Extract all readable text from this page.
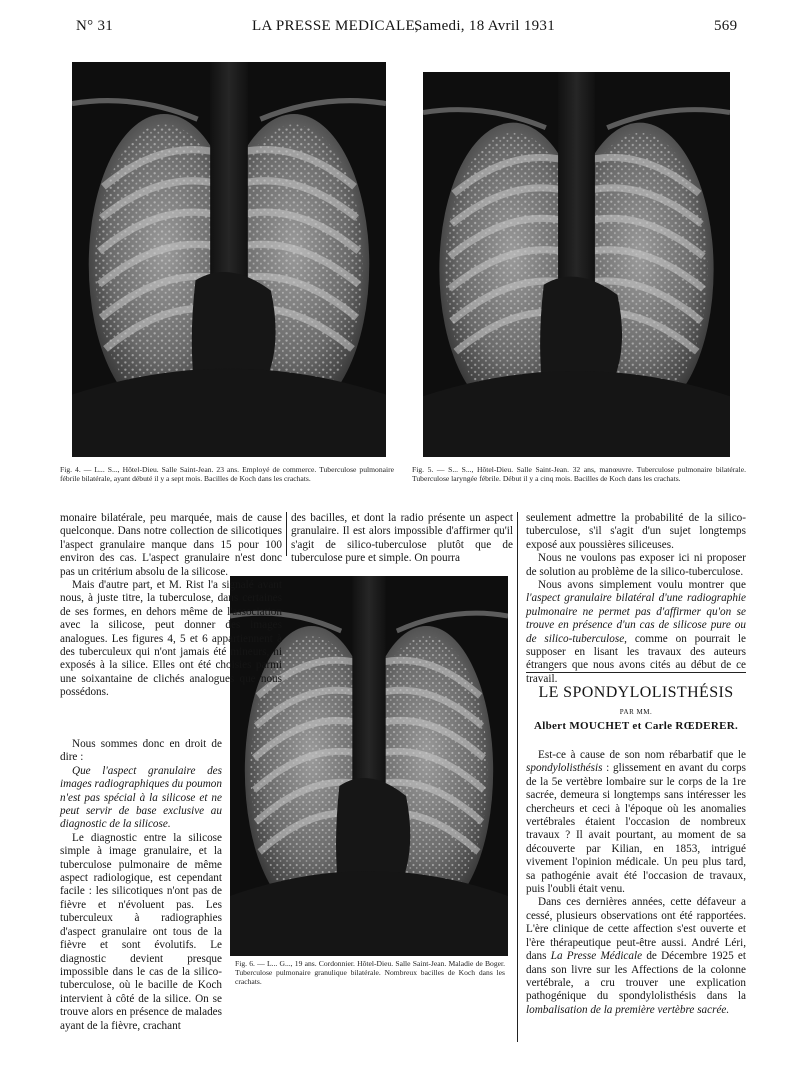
N° 31	LA PRESSE MEDICALE,
Samedi, 18 Avril 1931	569
Fig. 4. — L... S..., Hôtel-Dieu. Salle Saint-Jean. 23 ans. Employé de commerce. Tuberculose pulmonaire fébrile bilatérale, ayant débuté il y a sept mois. Bacilles de Koch dans les crachats.
Fig. 5. — S... S..., Hôtel-Dieu. Salle Saint-Jean. 32 ans, manœuvre. Tuberculose pulmonaire bilatérale. Tuberculose laryngée fébrile. Début il y a cinq mois. Bacilles de Koch dans les crachats.
Fig. 6. — L... G..., 19 ans. Cordonnier. Hôtel-Dieu. Salle Saint-Jean. Maladie de Boger. Tuberculose pulmonaire granulique bilatérale. Nombreux bacilles de Koch dans les crachats.

monaire bilatérale, peu marquée, mais de cause quelconque. Dans notre collection de silicotiques l'aspect granulaire manque dans 15 pour 100 environ des cas. L'aspect granulaire n'est donc pas un critérium absolu de la silicose.

Mais d'autre part, et M. Rist l'a signalé avant nous, à juste titre, la tuberculose, dans certaines de ses formes, en dehors même de l'association avec la silicose, peut donner des images analogues. Les figures 4, 5 et 6 appartiennent à des tuberculeux qui n'ont jamais été mineurs, ni exposés à la silice. Elles ont été choisies parmi une soixantaine de clichés analogues que nous possédons.

Nous sommes donc en droit de dire :

Que l'aspect granulaire des images radiographiques du poumon n'est pas spécial à la silicose et ne peut servir de base exclusive au diagnostic de la silicose.

Le diagnostic entre la silicose simple à image granulaire, et la tuberculose pulmonaire de même aspect radiologique, est cependant facile : les silicotiques n'ont pas de fièvre et n'évoluent pas. Les tuberculeux à radiographies d'aspect granulaire ont tous de la fièvre et sont évolutifs. Le diagnostic devient presque impossible dans le cas de la silico-tuberculose, où le bacille de Koch intervient à côté de la silice. On se trouve alors en présence de malades ayant de la fièvre, crachant

des bacilles, et dont la radio présente un aspect granulaire. Il est alors impossible d'affirmer qu'il s'agit de silico-tuberculose plutôt que de tuberculose pure et simple. On pourra

seulement admettre la probabilité de la silico-tuberculose, s'il s'agit d'un sujet longtemps exposé aux poussières siliceuses.

Nous ne voulons pas exposer ici ni proposer de solution au problème de la silico-tuberculose.

Nous avons simplement voulu montrer que l'aspect granulaire bilatéral d'une radiographie pulmonaire ne permet pas d'affirmer qu'on se trouve en présence d'un cas de silicose pure ou de silico-tuberculose, comme on pourrait le supposer en lisant les travaux des auteurs étrangers que nous avons cités au début de ce travail.

LE SPONDYLOLISTHÉSIS
PAR MM.
Albert MOUCHET et Carle RŒDERER.

Est-ce à cause de son nom rébarbatif que le spondylolisthésis : glissement en avant du corps de la 5e vertèbre lombaire sur le corps de la 1re sacrée, demeura si longtemps sans intéresser les chercheurs et ceci à l'époque où les anomalies vertébrales étaient l'occasion de nombreux travaux ? Il avait pourtant, au moment de sa découverte par Kilian, en 1853, intrigué vivement l'opinion médicale. Un peu plus tard, sa pathogénie avait été l'occasion de travaux, puis l'oubli était venu.

Dans ces dernières années, cette défaveur a cessé, plusieurs observations ont été rapportées. L'ère clinique de cette affection s'est ouverte et l'ère thérapeutique peut-être aussi. André Léri, dans La Presse Médicale de Décembre 1925 et dans son livre sur les Affections de la colonne vertébrale, a cru trouver une explication pathogénique du spondylolisthésis dans la lombalisation de la première vertèbre sacrée.
